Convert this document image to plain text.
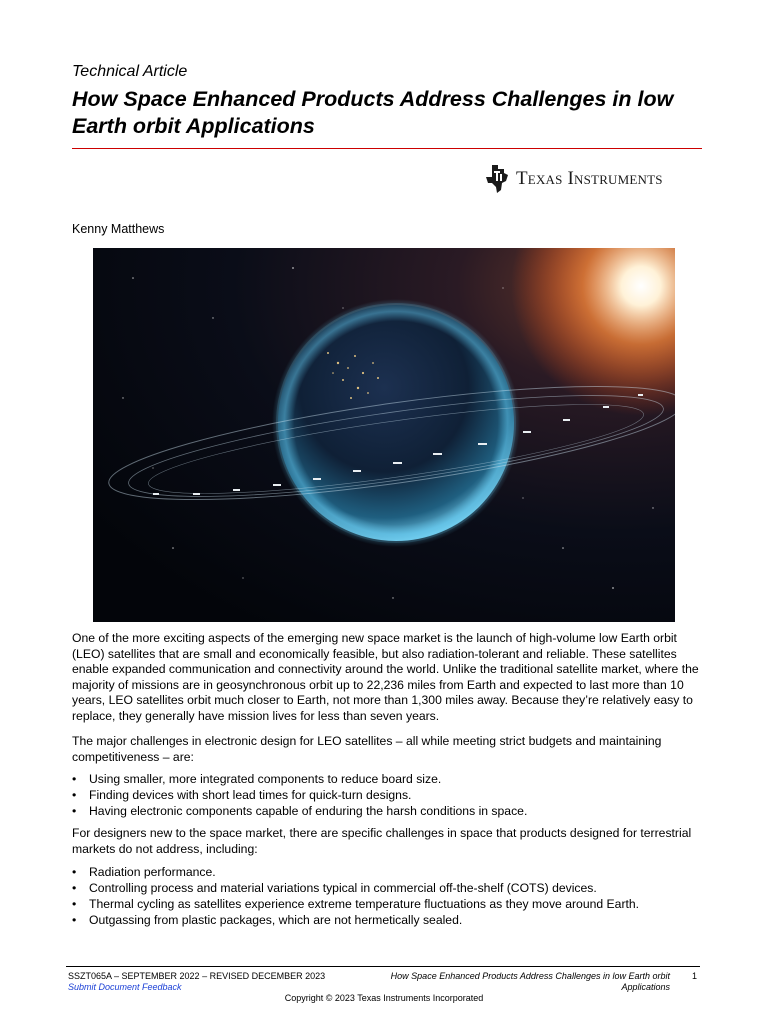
Technical Article
How Space Enhanced Products Address Challenges in low Earth orbit Applications
Texas Instruments
Kenny Matthews

One of the more exciting aspects of the emerging new space market is the launch of high-volume low Earth orbit (LEO) satellites that are small and economically feasible, but also radiation-tolerant and reliable. These satellites enable expanded communication and connectivity around the world. Unlike the traditional satellite market, where the majority of missions are in geosynchronous orbit up to 22,236 miles from Earth and expected to last more than 10 years, LEO satellites orbit much closer to Earth, not more than 1,300 miles away. Because they’re relatively easy to replace, they generally have mission lives for less than seven years.

The major challenges in electronic design for LEO satellites – all while meeting strict budgets and maintaining competitiveness – are:

• Using smaller, more integrated components to reduce board size.
• Finding devices with short lead times for quick-turn designs.
• Having electronic components capable of enduring the harsh conditions in space.

For designers new to the space market, there are specific challenges in space that products designed for terrestrial markets do not address, including:

• Radiation performance.
• Controlling process and material variations typical in commercial off-the-shelf (COTS) devices.
• Thermal cycling as satellites experience extreme temperature fluctuations as they move around Earth.
• Outgassing from plastic packages, which are not hermetically sealed.
SSZT065A – SEPTEMBER 2022 – REVISED DECEMBER 2023
Submit Document Feedback
How Space Enhanced Products Address Challenges in low Earth orbit Applications
1
Copyright © 2023 Texas Instruments Incorporated
